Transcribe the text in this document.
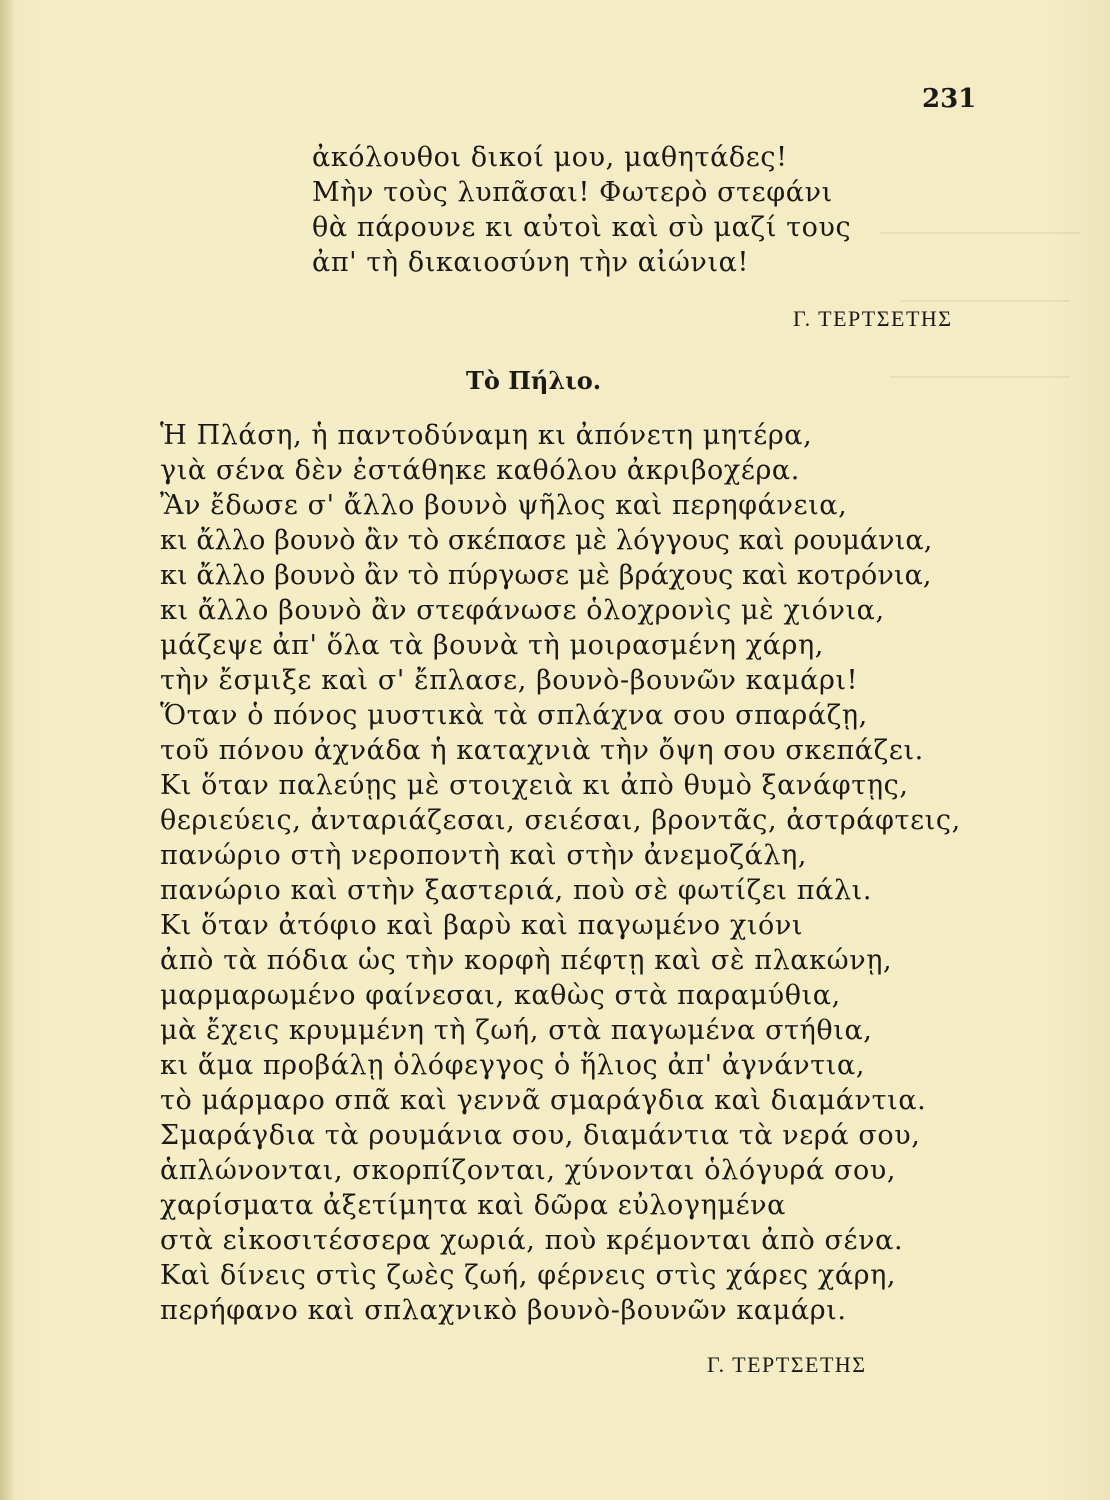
231
ἀκόλουθοι δικοί μου, μαθητάδες!
Μὴν τοὺς λυπᾶσαι! Φωτερὸ στεφάνι
θὰ πάρουνε κι αὐτοὶ καὶ σὺ μαζί τους
ἀπ' τὴ δικαιοσύνη τὴν αἰώνια!
Γ. ΤΕΡΤΣΕΤΗΣ
Τὸ Πήλιο.
Ἡ Πλάση, ἡ παντοδύναμη κι ἀπόνετη μητέρα,
γιὰ σένα δὲν ἐστάθηκε καθόλου ἀκριβοχέρα.
Ἂν ἔδωσε σ' ἄλλο βουνὸ ψῆλος καὶ περηφάνεια,
κι ἄλλο βουνὸ ἂν τὸ σκέπασε μὲ λόγγους καὶ ρουμάνια,
κι ἄλλο βουνὸ ἂν τὸ πύργωσε μὲ βράχους καὶ κοτρόνια,
κι ἄλλο βουνὸ ἂν στεφάνωσε ὁλοχρονὶς μὲ χιόνια,
μάζεψε ἀπ' ὅλα τὰ βουνὰ τὴ μοιρασμένη χάρη,
τὴν ἔσμιξε καὶ σ' ἔπλασε, βουνὸ-βουνῶν καμάρι!
Ὅταν ὁ πόνος μυστικὰ τὰ σπλάχνα σου σπαράζῃ,
τοῦ πόνου ἀχνάδα ἡ καταχνιὰ τὴν ὄψη σου σκεπάζει.
Κι ὅταν παλεύῃς μὲ στοιχειὰ κι ἀπὸ θυμὸ ξανάφτῃς,
θεριεύεις, ἀνταριάζεσαι, σειέσαι, βροντᾶς, ἀστράφτεις,
πανώριο στὴ νεροποντὴ καὶ στὴν ἀνεμοζάλη,
πανώριο καὶ στὴν ξαστεριά, ποὺ σὲ φωτίζει πάλι.
Κι ὅταν ἀτόφιο καὶ βαρὺ καὶ παγωμένο χιόνι
ἀπὸ τὰ πόδια ὡς τὴν κορφὴ πέφτῃ καὶ σὲ πλακώνῃ,
μαρμαρωμένο φαίνεσαι, καθὼς στὰ παραμύθια,
μὰ ἔχεις κρυμμένη τὴ ζωή, στὰ παγωμένα στήθια,
κι ἅμα προβάλῃ ὁλόφεγγος ὁ ἥλιος ἀπ' ἀγνάντια,
τὸ μάρμαρο σπᾶ καὶ γεννᾶ σμαράγδια καὶ διαμάντια.
Σμαράγδια τὰ ρουμάνια σου, διαμάντια τὰ νερά σου,
ἁπλώνονται, σκορπίζονται, χύνονται ὁλόγυρά σου,
χαρίσματα ἀξετίμητα καὶ δῶρα εὐλογημένα
στὰ εἰκοσιτέσσερα χωριά, ποὺ κρέμονται ἀπὸ σένα.
Καὶ δίνεις στὶς ζωὲς ζωή, φέρνεις στὶς χάρες χάρη,
περήφανο καὶ σπλαχνικὸ βουνὸ-βουνῶν καμάρι.
Γ. ΤΕΡΤΣΕΤΗΣ
